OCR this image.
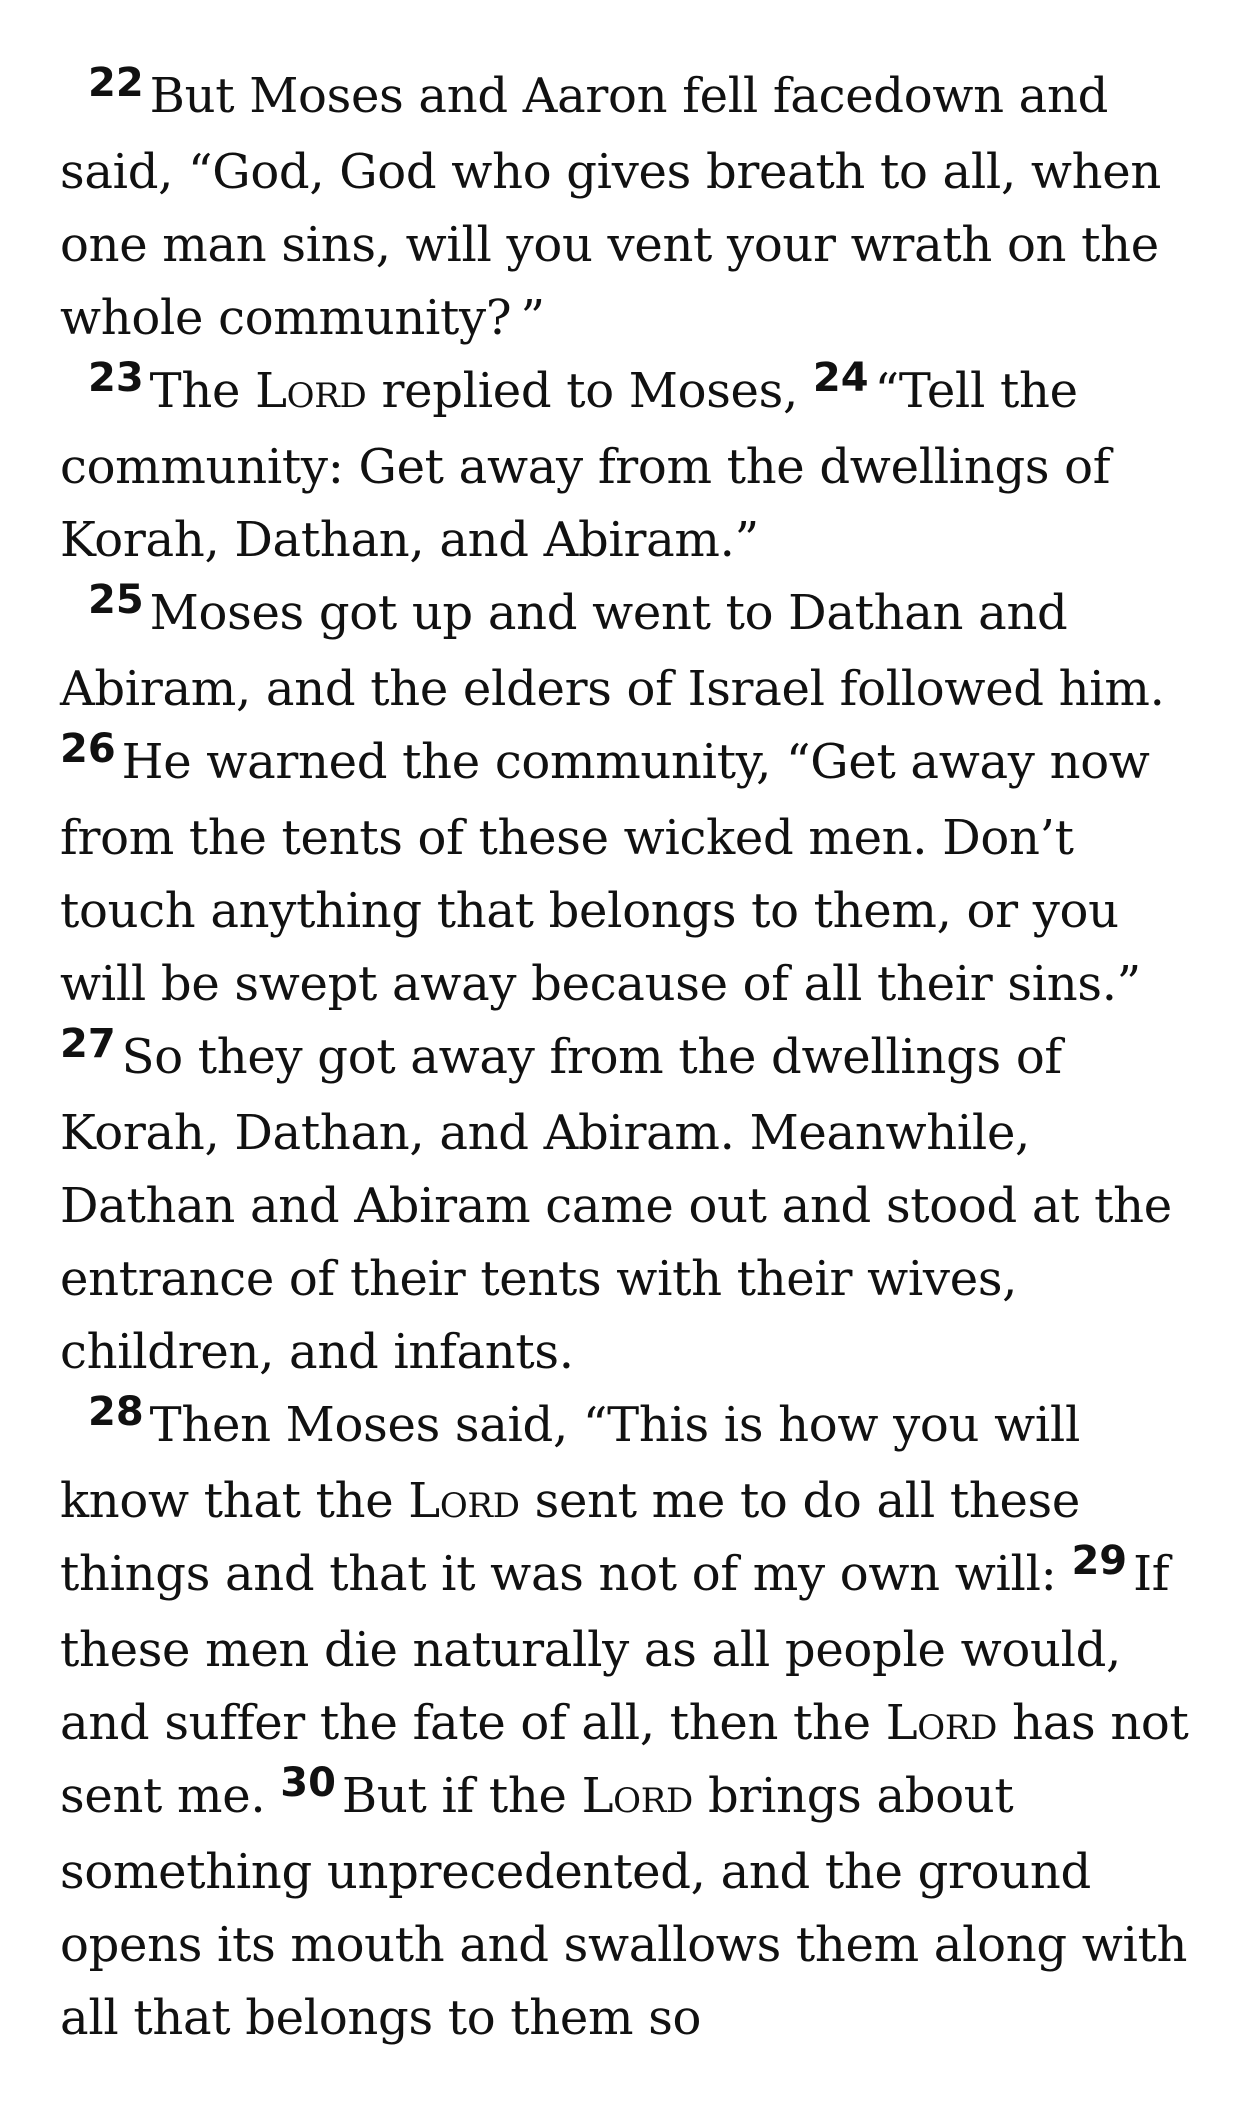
$^{22}$ But Moses and Aaron fell facedown and said, “God, God who gives breath to all, when one man sins, will you vent your wrath on the whole community? ”

$^{23}$ The Lord replied to Moses, $^{24}$ “Tell the community: Get away from the dwellings of Korah, Dathan, and Abiram.”

$^{25}$ Moses got up and went to Dathan and Abiram, and the elders of Israel followed him. $^{26}$ He warned the community, “Get away now from the tents of these wicked men. Don’t touch anything that belongs to them, or you will be swept away because of all their sins.” $^{27}$ So they got away from the dwellings of Korah, Dathan, and Abiram. Meanwhile, Dathan and Abiram came out and stood at the entrance of their tents with their wives, children, and infants.

$^{28}$ Then Moses said, “This is how you will know that the Lord sent me to do all these things and that it was not of my own will: $^{29}$ If these men die naturally as all people would, and suffer the fate of all, then the Lord has not sent me. $^{30}$ But if the Lord brings about something unprecedented, and the ground opens its mouth and swallows them along with all that belongs to them so
